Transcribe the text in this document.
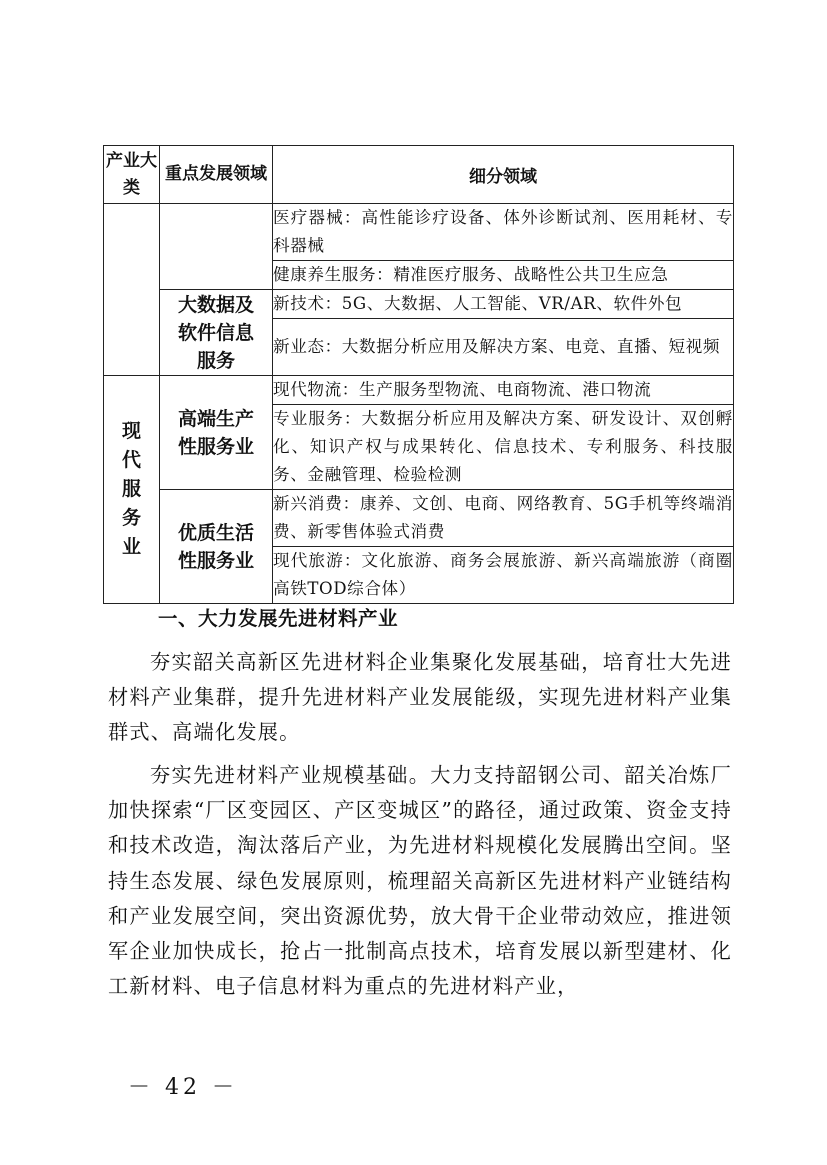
产业大类	重点发展领域	细分领域
		医疗器械：高性能诊疗设备、体外诊断试剂、医用耗材、专科器械
		健康养生服务：精准医疗服务、战略性公共卫生应急
	大数据及软件信息服务	新技术：5G、大数据、人工智能、VR/AR、软件外包
		新业态：大数据分析应用及解决方案、电竞、直播、短视频
现代服务业	高端生产性服务业	现代物流：生产服务型物流、电商物流、港口物流
		专业服务：大数据分析应用及解决方案、研发设计、双创孵化、知识产权与成果转化、信息技术、专利服务、科技服务、金融管理、检验检测
	优质生活性服务业	新兴消费：康养、文创、电商、网络教育、5G手机等终端消费、新零售体验式消费
		现代旅游：文化旅游、商务会展旅游、新兴高端旅游（商圈高铁TOD综合体）
一、大力发展先进材料产业

夯实韶关高新区先进材料企业集聚化发展基础，培育壮大先进材料产业集群，提升先进材料产业发展能级，实现先进材料产业集群式、高端化发展。

夯实先进材料产业规模基础。大力支持韶钢公司、韶关冶炼厂加快探索“厂区变园区、产区变城区”的路径，通过政策、资金支持和技术改造，淘汰落后产业，为先进材料规模化发展腾出空间。坚持生态发展、绿色发展原则，梳理韶关高新区先进材料产业链结构和产业发展空间，突出资源优势，放大骨干企业带动效应，推进领军企业加快成长，抢占一批制高点技术，培育发展以新型建材、化工新材料、电子信息材料为重点的先进材料产业，

－ 42 －
